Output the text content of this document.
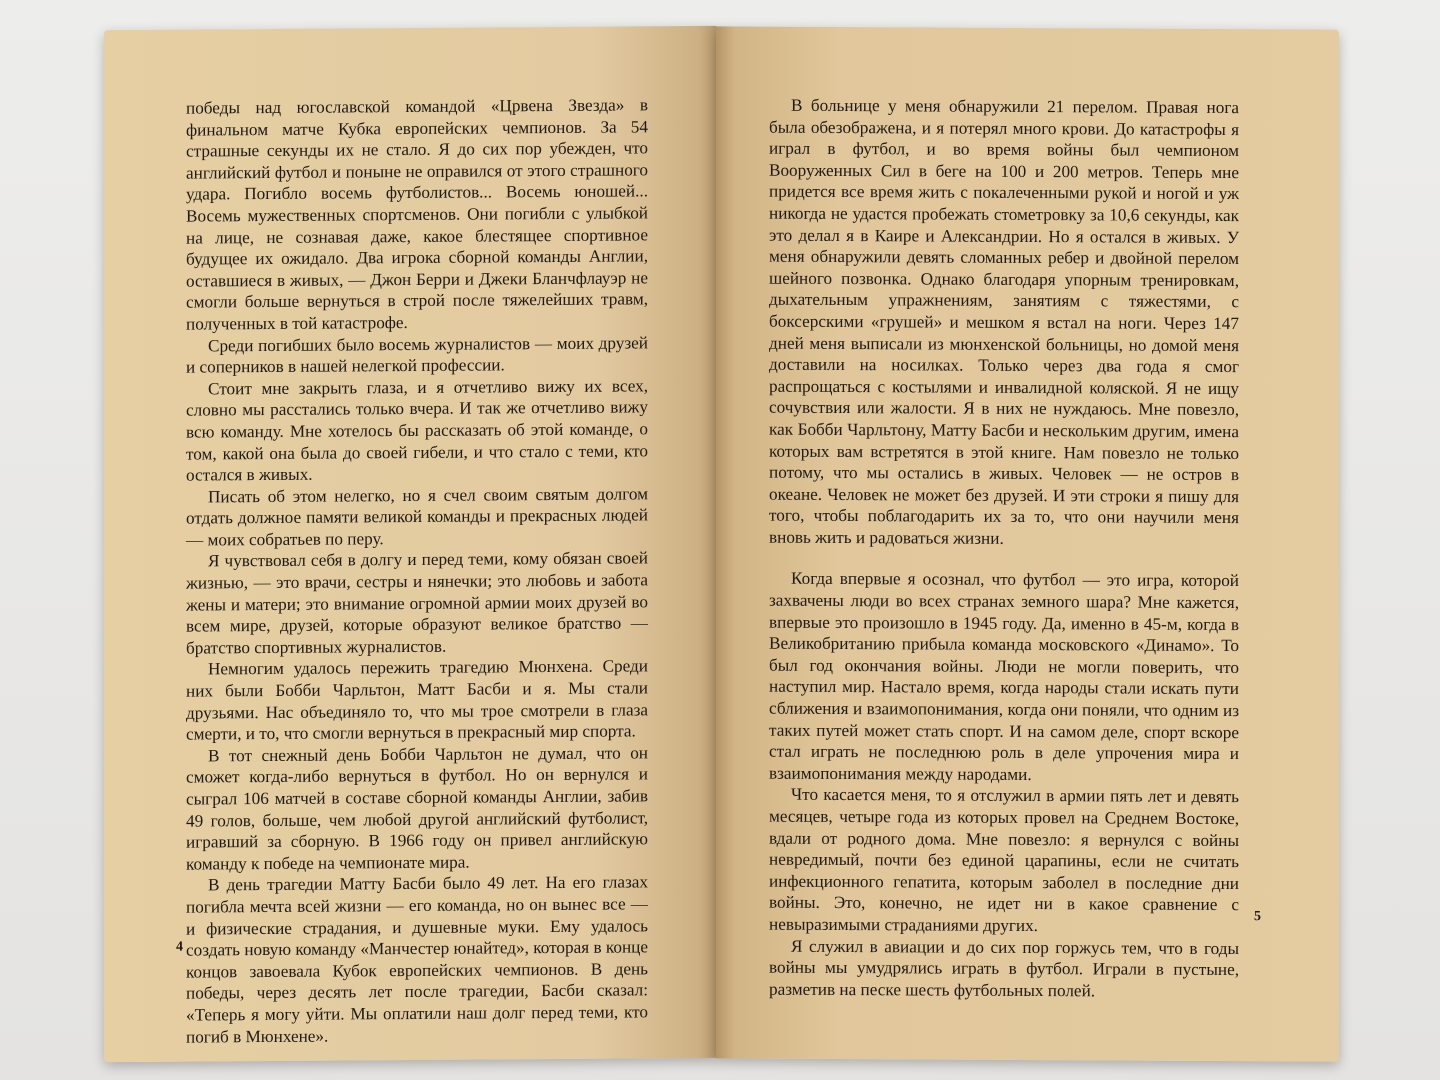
победы над югославской командой «Црвена Звезда» в финальном матче Кубка европейских чемпионов. За 54 страшные секунды их не стало. Я до сих пор убежден, что английский футбол и поныне не оправился от этого страшного удара. Погибло восемь футболистов... Восемь юношей... Восемь мужественных спортсменов. Они погибли с улыбкой на лице, не сознавая даже, какое блестящее спортивное будущее их ожидало. Два игрока сборной команды Англии, оставшиеся в живых, — Джон Берри и Джеки Бланчфлауэр не смогли больше вернуться в строй после тяжелейших травм, полученных в той катастрофе.

Среди погибших было восемь журналистов — моих друзей и соперников в нашей нелегкой профессии.

Стоит мне закрыть глаза, и я отчетливо вижу их всех, словно мы расстались только вчера. И так же отчетливо вижу всю команду. Мне хотелось бы рассказать об этой команде, о том, какой она была до своей гибели, и что стало с теми, кто остался в живых.

Писать об этом нелегко, но я счел своим святым долгом отдать должное памяти великой команды и прекрасных людей — моих собратьев по перу.

Я чувствовал себя в долгу и перед теми, кому обязан своей жизнью, — это врачи, сестры и нянечки; это любовь и забота жены и матери; это внимание огромной армии моих друзей во всем мире, друзей, которые образуют великое братство — братство спортивных журналистов.

Немногим удалось пережить трагедию Мюнхена. Среди них были Бобби Чарльтон, Матт Басби и я. Мы стали друзьями. Нас объединяло то, что мы трое смотрели в глаза смерти, и то, что смогли вернуться в прекрасный мир спорта.

В тот снежный день Бобби Чарльтон не думал, что он сможет когда-либо вернуться в футбол. Но он вернулся и сыграл 106 матчей в составе сборной команды Англии, забив 49 голов, больше, чем любой другой английский футболист, игравший за сборную. В 1966 году он привел английскую команду к победе на чемпионате мира.

В день трагедии Матту Басби было 49 лет. На его глазах погибла мечта всей жизни — его команда, но он вынес все — и физические страдания, и душевные муки. Ему удалось создать новую команду «Манчестер юнайтед», которая в конце концов завоевала Кубок европейских чемпионов. В день победы, через десять лет после трагедии, Басби сказал: «Теперь я могу уйти. Мы оплатили наш долг перед теми, кто погиб в Мюнхене».

4

В больнице у меня обнаружили 21 перелом. Правая нога была обезображена, и я потерял много крови. До катастрофы я играл в футбол, и во время войны был чемпионом Вооруженных Сил в беге на 100 и 200 метров. Теперь мне придется все время жить с покалеченными рукой и ногой и уж никогда не удастся пробежать стометровку за 10,6 секунды, как это делал я в Каире и Александрии. Но я остался в живых. У меня обнаружили девять сломанных ребер и двойной перелом шейного позвонка. Однако благодаря упорным тренировкам, дыхательным упражнениям, занятиям с тяжестями, с боксерскими «грушей» и мешком я встал на ноги. Через 147 дней меня выписали из мюнхенской больницы, но домой меня доставили на носилках. Только через два года я смог распрощаться с костылями и инвалидной коляской. Я не ищу сочувствия или жалости. Я в них не нуждаюсь. Мне повезло, как Бобби Чарльтону, Матту Басби и нескольким другим, имена которых вам встретятся в этой книге. Нам повезло не только потому, что мы остались в живых. Человек — не остров в океане. Человек не может без друзей. И эти строки я пишу для того, чтобы поблагодарить их за то, что они научили меня вновь жить и радоваться жизни.

Когда впервые я осознал, что футбол — это игра, которой захвачены люди во всех странах земного шара? Мне кажется, впервые это произошло в 1945 году. Да, именно в 45-м, когда в Великобританию прибыла команда московского «Динамо». То был год окончания войны. Люди не могли поверить, что наступил мир. Настало время, когда народы стали искать пути сближения и взаимопонимания, когда они поняли, что одним из таких путей может стать спорт. И на самом деле, спорт вскоре стал играть не последнюю роль в деле упрочения мира и взаимопонимания между народами.

Что касается меня, то я отслужил в армии пять лет и девять месяцев, четыре года из которых провел на Среднем Востоке, вдали от родного дома. Мне повезло: я вернулся с войны невредимый, почти без единой царапины, если не считать инфекционного гепатита, которым заболел в последние дни войны. Это, конечно, не идет ни в какое сравнение с невыразимыми страданиями других.

Я служил в авиации и до сих пор горжусь тем, что в годы войны мы умудрялись играть в футбол. Играли в пустыне, разметив на песке шесть футбольных полей.

5
